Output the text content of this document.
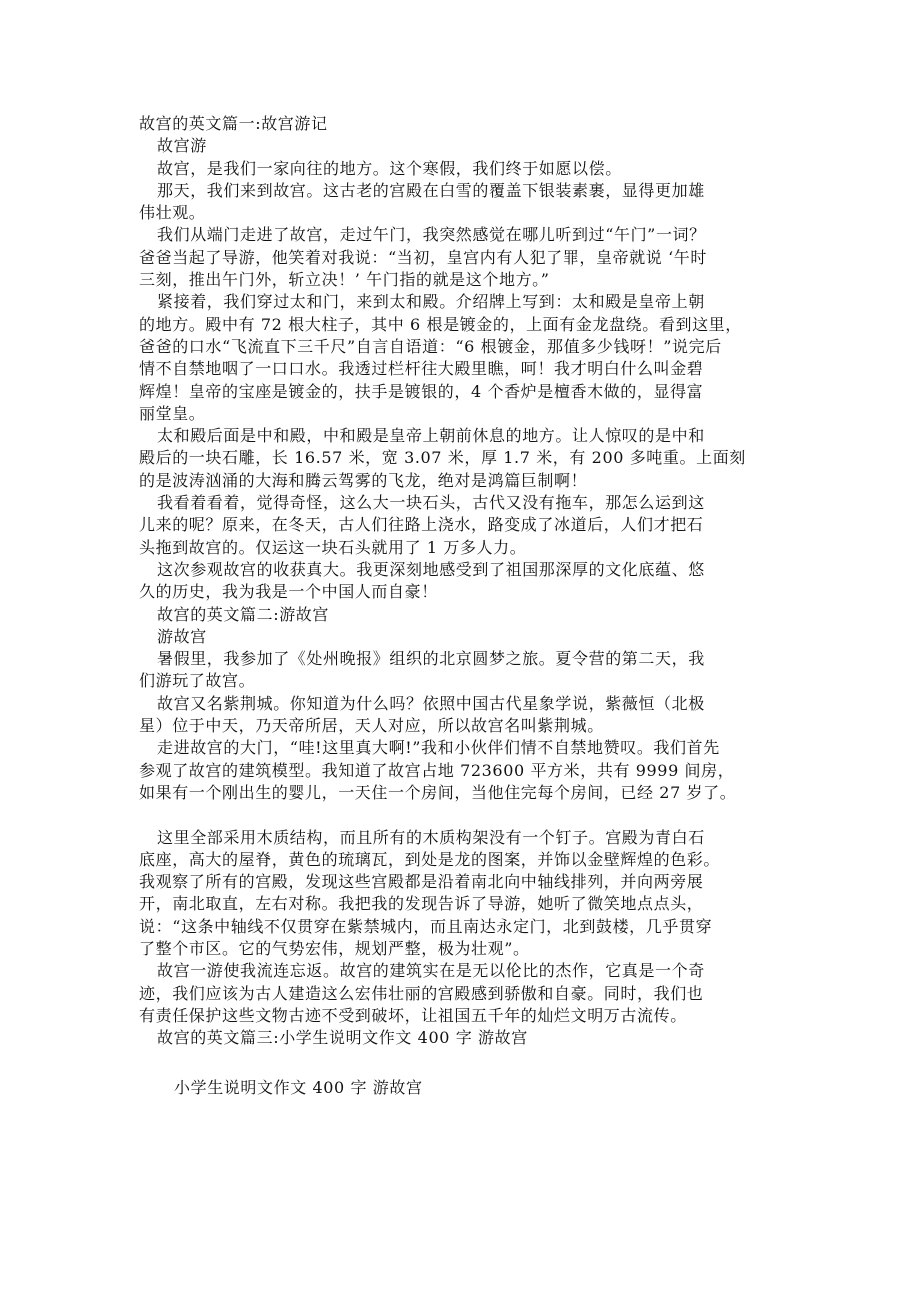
故宫的英文篇一:故宫游记
故宫游
故宫，是我们一家向往的地方。这个寒假，我们终于如愿以偿。
那天，我们来到故宫。这古老的宫殿在白雪的覆盖下银装素裹，显得更加雄
伟壮观。
我们从端门走进了故宫，走过午门，我突然感觉在哪儿听到过“午门”一词？
爸爸当起了导游，他笑着对我说：“当初，皇宫内有人犯了罪，皇帝就说 ‘午时
三刻，推出午门外，斩立决！’ 午门指的就是这个地方。”
紧接着，我们穿过太和门，来到太和殿。介绍牌上写到：太和殿是皇帝上朝
的地方。殿中有 72 根大柱子，其中 6 根是镀金的，上面有金龙盘绕。看到这里，
爸爸的口水“飞流直下三千尺”自言自语道：“6 根镀金，那值多少钱呀！”说完后
情不自禁地咽了一口口水。我透过栏杆往大殿里瞧，呵！我才明白什么叫金碧
辉煌！皇帝的宝座是镀金的，扶手是镀银的，4 个香炉是檀香木做的，显得富
丽堂皇。
太和殿后面是中和殿，中和殿是皇帝上朝前休息的地方。让人惊叹的是中和
殿后的一块石雕，长 16.57 米，宽 3.07 米，厚 1.7 米，有 200 多吨重。上面刻
的是波涛汹涌的大海和腾云驾雾的飞龙，绝对是鸿篇巨制啊！
我看着看着，觉得奇怪，这么大一块石头，古代又没有拖车，那怎么运到这
儿来的呢？原来，在冬天，古人们往路上浇水，路变成了冰道后，人们才把石
头拖到故宫的。仅运这一块石头就用了 1 万多人力。
这次参观故宫的收获真大。我更深刻地感受到了祖国那深厚的文化底蕴、悠
久的历史，我为我是一个中国人而自豪！
故宫的英文篇二:游故宫
游故宫
暑假里，我参加了《处州晚报》组织的北京圆梦之旅。夏令营的第二天，我
们游玩了故宫。
故宫又名紫荆城。你知道为什么吗？依照中国古代星象学说，紫薇恒（北极
星）位于中天，乃天帝所居，天人对应，所以故宫名叫紫荆城。
走进故宫的大门，“哇!这里真大啊!”我和小伙伴们情不自禁地赞叹。我们首先
参观了故宫的建筑模型。我知道了故宫占地 723600 平方米，共有 9999 间房，
如果有一个刚出生的婴儿，一天住一个房间，当他住完每个房间，已经 27 岁了。
这里全部采用木质结构，而且所有的木质构架没有一个钉子。宫殿为青白石
底座，高大的屋脊，黄色的琉璃瓦，到处是龙的图案，并饰以金壁辉煌的色彩。
我观察了所有的宫殿，发现这些宫殿都是沿着南北向中轴线排列，并向两旁展
开，南北取直，左右对称。我把我的发现告诉了导游，她听了微笑地点点头，
说：“这条中轴线不仅贯穿在紫禁城内，而且南达永定门，北到鼓楼，几乎贯穿
了整个市区。它的气势宏伟，规划严整，极为壮观”。
故宫一游使我流连忘返。故宫的建筑实在是无以伦比的杰作，它真是一个奇
迹，我们应该为古人建造这么宏伟壮丽的宫殿感到骄傲和自豪。同时，我们也
有责任保护这些文物古迹不受到破坏，让祖国五千年的灿烂文明万古流传。
故宫的英文篇三:小学生说明文作文 400 字 游故宫
小学生说明文作文 400 字 游故宫
